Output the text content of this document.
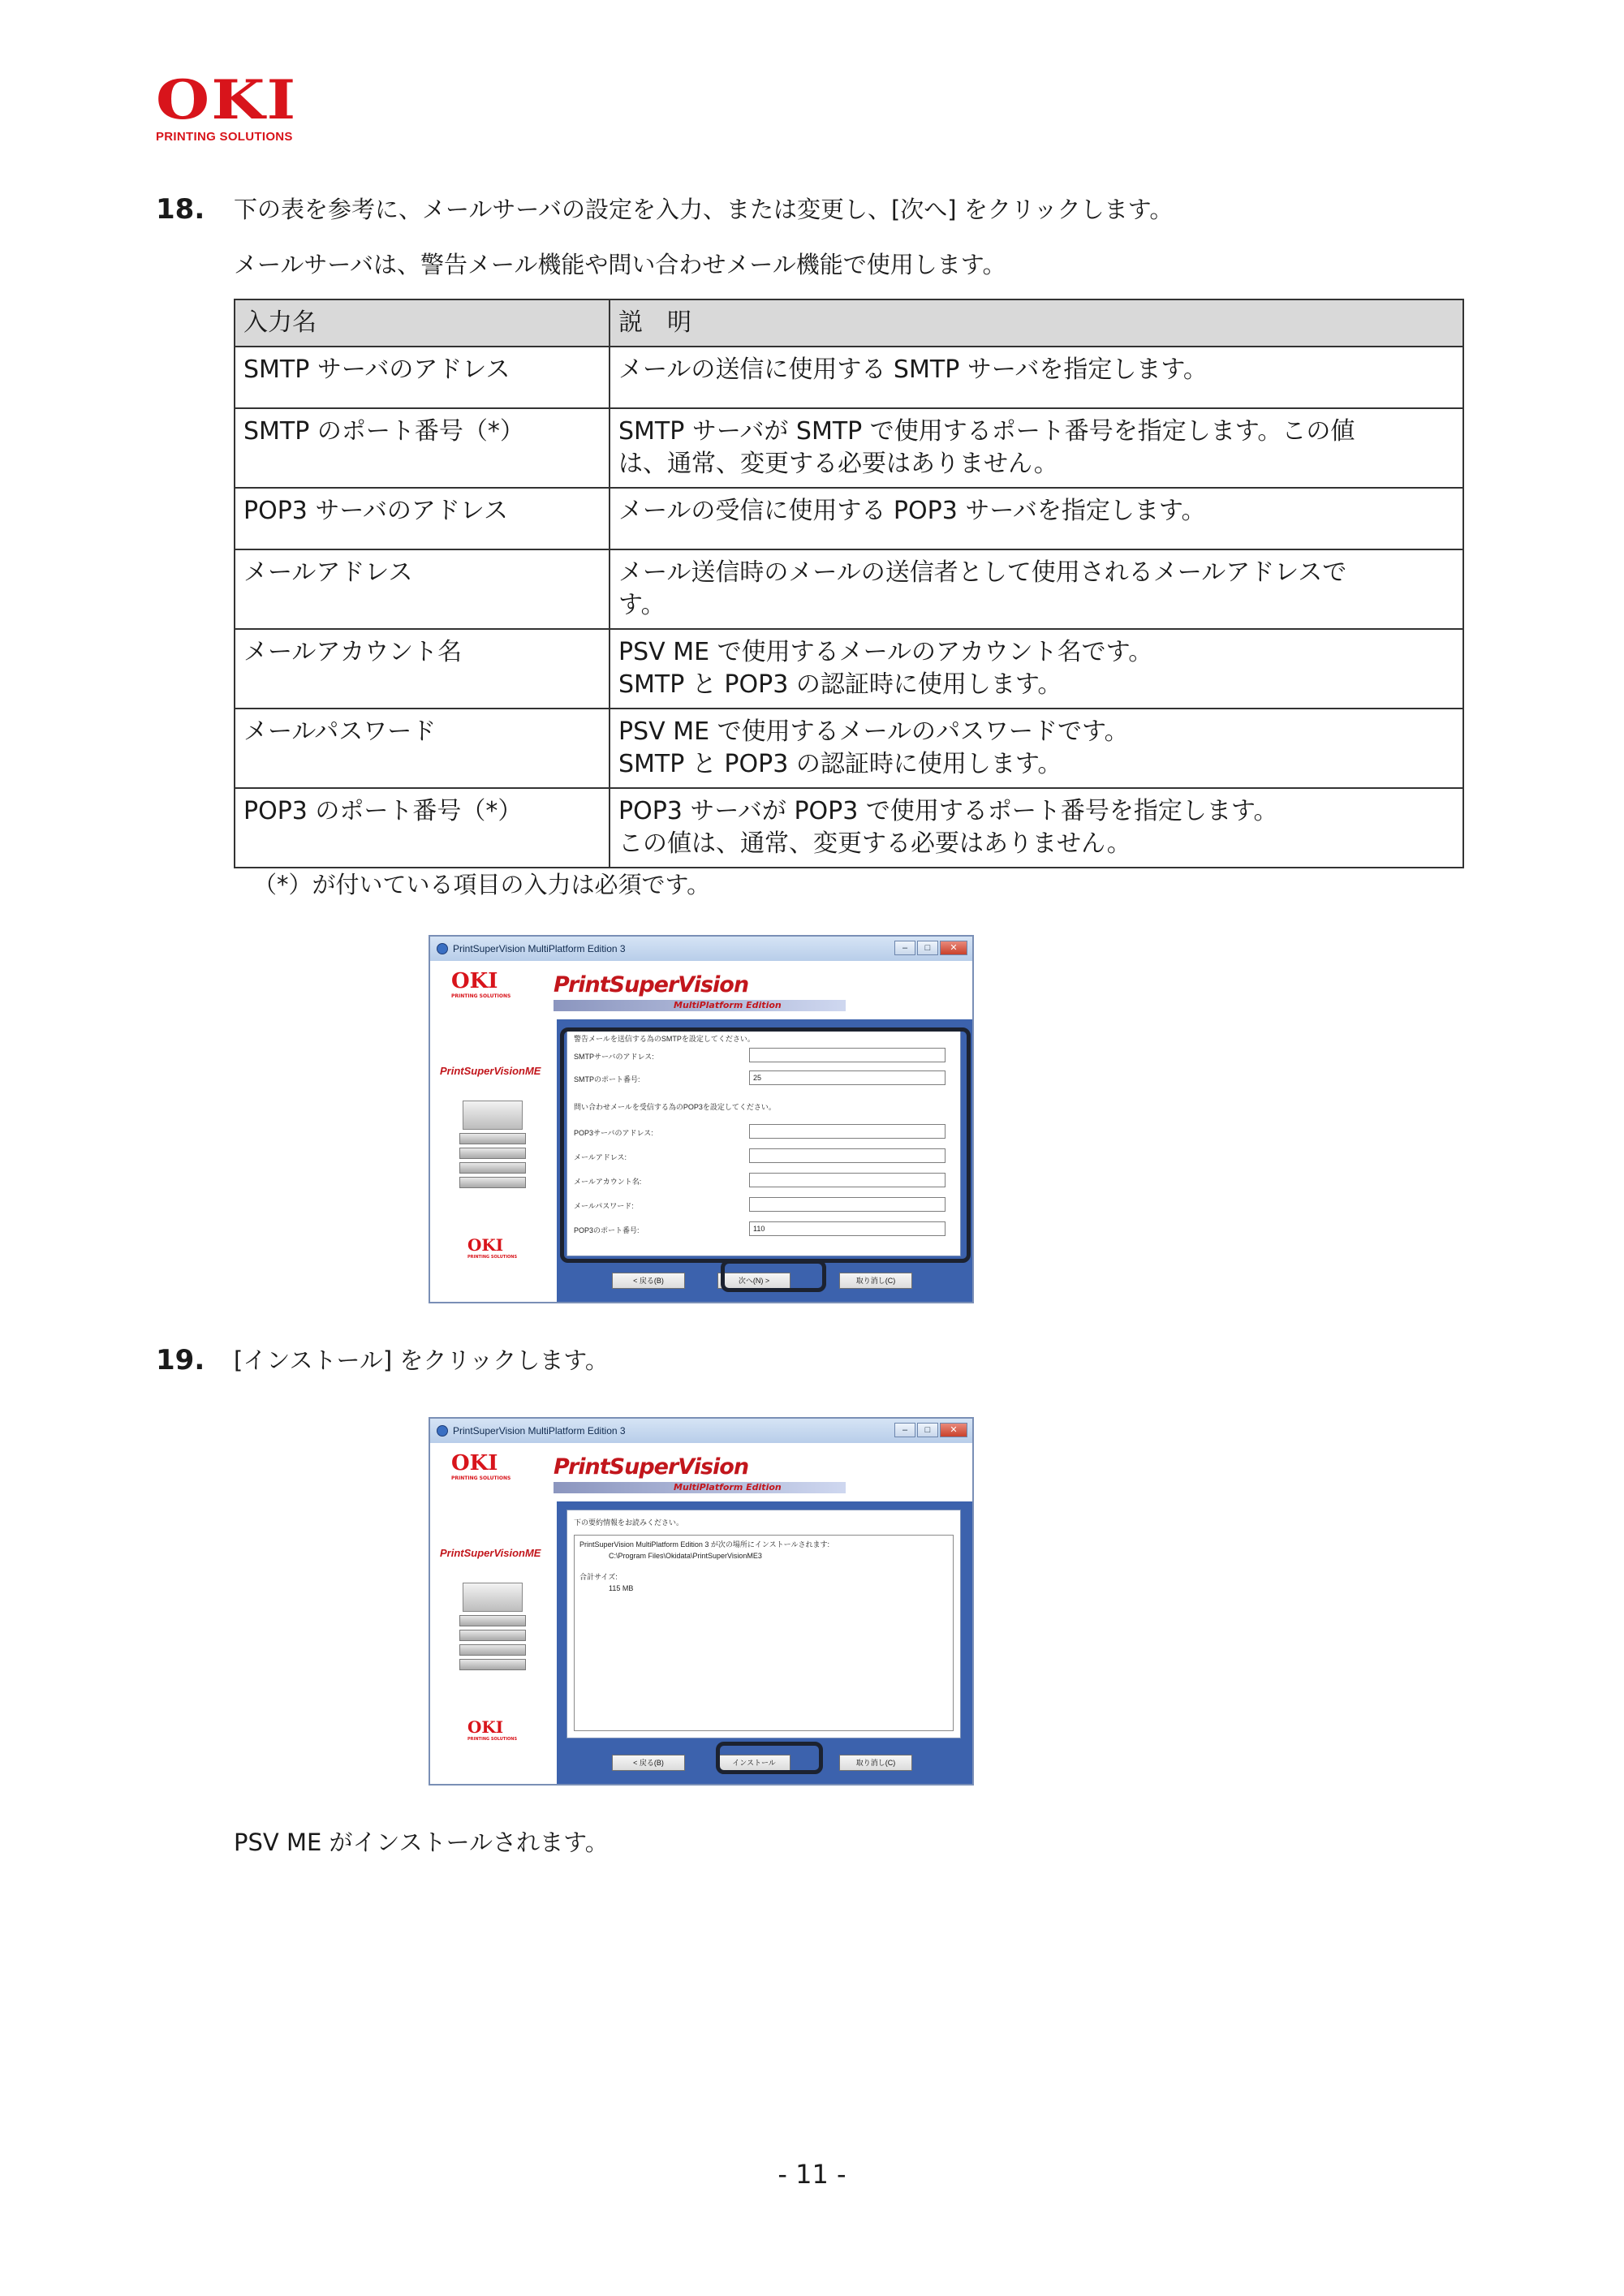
OKI
PRINTING SOLUTIONS
18. 下の表を参考に、メールサーバの設定を入力、または変更し、[次へ] をクリックします。
メールサーバは、警告メール機能や問い合わせメール機能で使用します。
入力名	説　明
SMTP サーバのアドレス	メールの送信に使用する SMTP サーバを指定します。

SMTP のポート番号（*）	SMTP サーバが SMTP で使用するポート番号を指定します。この値
は、通常、変更する必要はありません。

POP3 サーバのアドレス	メールの受信に使用する POP3 サーバを指定します。

メールアドレス	メール送信時のメールの送信者として使用されるメールアドレスで
す。

メールアカウント名	PSV ME で使用するメールのアカウント名です。
SMTP と POP3 の認証時に使用します。

メールパスワード	PSV ME で使用するメールのパスワードです。
SMTP と POP3 の認証時に使用します。

POP3 のポート番号（*）	POP3 サーバが POP3 で使用するポート番号を指定します。
この値は、通常、変更する必要はありません。
（*）が付いている項目の入力は必須です。
PrintSuperVision MultiPlatform Edition 3	–	□	✕
OKI
PRINTING SOLUTIONS PrintSuperVision
MultiPlatform Edition
PrintSuperVisionME
OKI
PRINTING SOLUTIONS
警告メールを送信する為のSMTPを設定してください。
SMTPサーバのアドレス:
SMTPのポート番号:	25
問い合わせメールを受信する為のPOP3を設定してください。
POP3サーバのアドレス:
メールアドレス:
メールアカウント名:
メールパスワード:
POP3のポート番号:	110
< 戻る(B)	次へ(N) >	取り消し(C)
19. [インストール] をクリックします。
PrintSuperVision MultiPlatform Edition 3	–	□	✕
OKI
PRINTING SOLUTIONS PrintSuperVision
MultiPlatform Edition
PrintSuperVisionME
OKI
PRINTING SOLUTIONS
下の要約情報をお読みください。
PrintSuperVision MultiPlatform Edition 3 が次の場所にインストールされます:
C:\Program Files\Okidata\PrintSuperVisionME3
合計サイズ:
115 MB
< 戻る(B)	インストール	取り消し(C)
PSV ME がインストールされます。
- 11 -
